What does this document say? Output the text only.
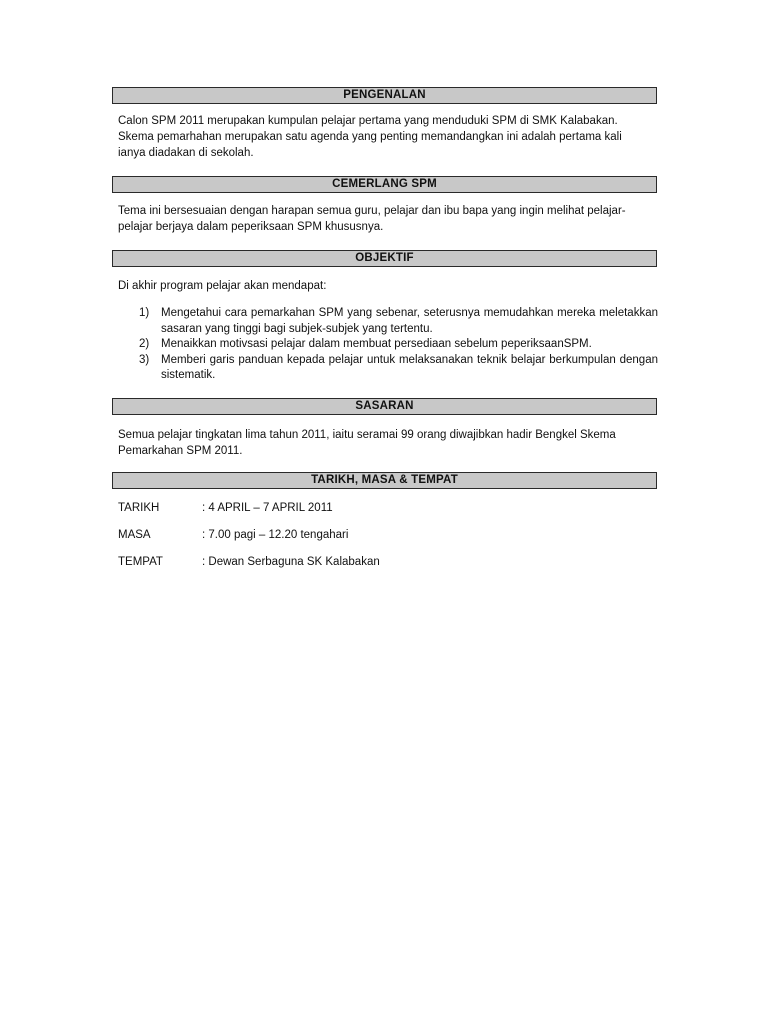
PENGENALAN
Calon SPM 2011 merupakan kumpulan pelajar pertama yang menduduki SPM di SMK Kalabakan.
Skema pemarhahan merupakan satu agenda yang penting memandangkan ini adalah pertama kali
ianya diadakan di sekolah.
CEMERLANG SPM
Tema ini bersesuaian dengan harapan semua guru, pelajar dan ibu bapa yang ingin melihat pelajar-
pelajar berjaya dalam peperiksaan SPM khususnya.
OBJEKTIF
Di akhir program pelajar akan mendapat:
1) Mengetahui cara pemarkahan SPM yang sebenar, seterusnya memudahkan mereka meletakkan sasaran yang tinggi bagi subjek-subjek yang tertentu.
2) Menaikkan motivsasi pelajar dalam membuat persediaan sebelum peperiksaanSPM.
3) Memberi garis panduan kepada pelajar untuk melaksanakan teknik belajar berkumpulan dengan sistematik.
SASARAN
Semua pelajar tingkatan lima tahun 2011, iaitu seramai 99 orang diwajibkan hadir Bengkel Skema
Pemarkahan SPM 2011.
TARIKH, MASA & TEMPAT
TARIKH	: 4 APRIL – 7 APRIL 2011
MASA	: 7.00 pagi – 12.20 tengahari
TEMPAT	: Dewan Serbaguna SK Kalabakan
